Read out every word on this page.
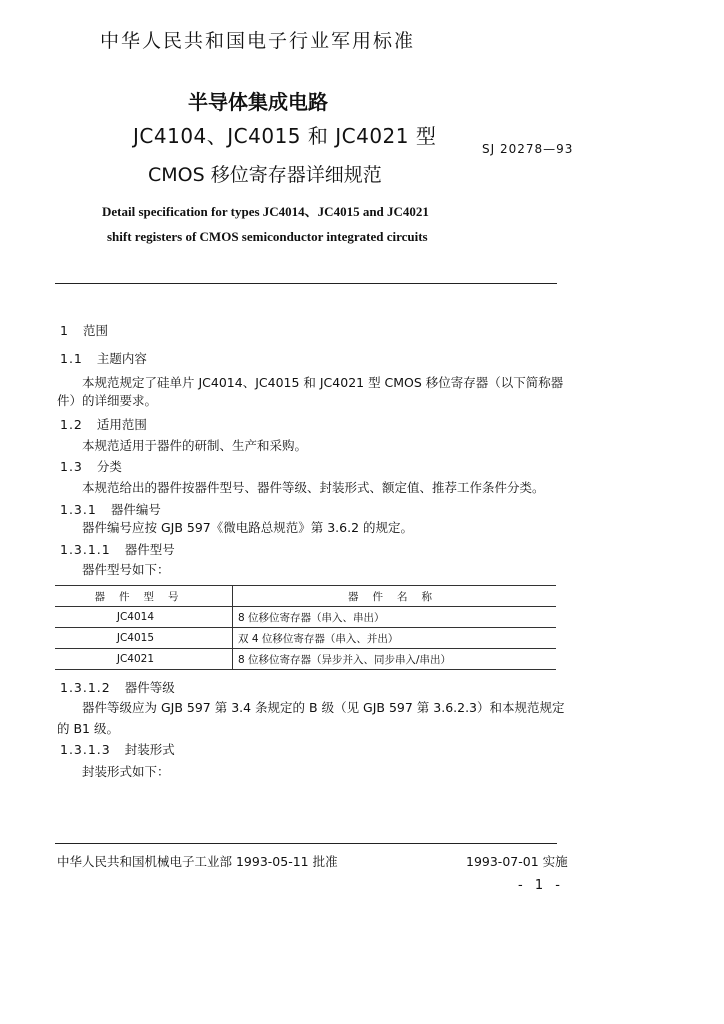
中华人民共和国电子行业军用标准
半导体集成电路
JC4104、JC4015 和 JC4021 型
CMOS 移位寄存器详细规范
SJ 20278—93
Detail specification for types JC4014、JC4015 and JC4021
shift registers of CMOS semiconductor integrated circuits
1 范围
1.1 主题内容
本规范规定了硅单片 JC4014、JC4015 和 JC4021 型 CMOS 移位寄存器（以下简称器
件）的详细要求。
1.2 适用范围
本规范适用于器件的研制、生产和采购。
1.3 分类
本规范给出的器件按器件型号、器件等级、封装形式、额定值、推荐工作条件分类。
1.3.1 器件编号
器件编号应按 GJB 597《微电路总规范》第 3.6.2 的规定。
1.3.1.1 器件型号
器件型号如下：
器件型号	器件名称
JC4014	8 位移位寄存器（串入、串出）
JC4015	双 4 位移位寄存器（串入、并出）
JC4021	8 位移位寄存器（异步并入、同步串入/串出）
1.3.1.2 器件等级
器件等级应为 GJB 597 第 3.4 条规定的 B 级（见 GJB 597 第 3.6.2.3）和本规范规定
的 B1 级。
1.3.1.3 封装形式
封装形式如下：
中华人民共和国机械电子工业部 1993-05-11 批准	1993-07-01 实施
- 1 -
